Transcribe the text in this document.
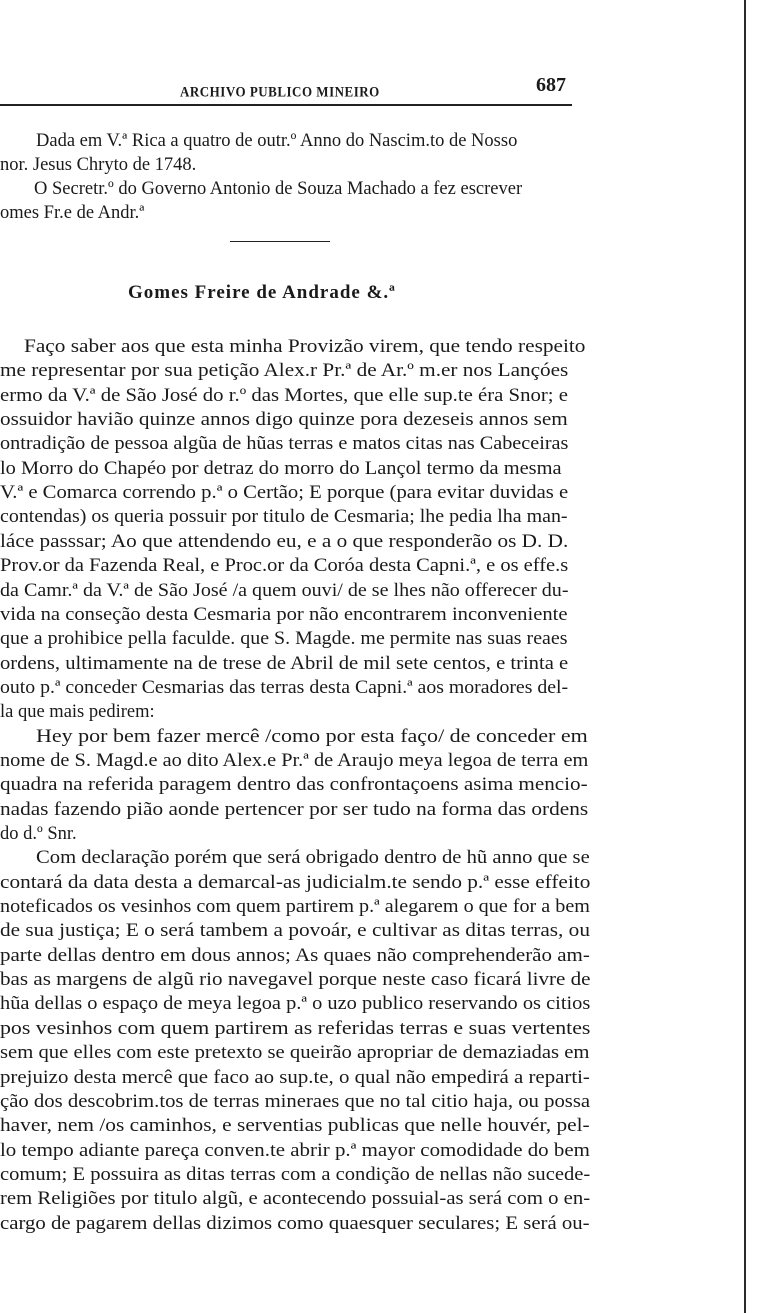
ARCHIVO PUBLICO MINEIRO	687
Dada em V.ª Rica a quatro de outr.º Anno do Nascim.to de Nosso
nor. Jesus Chryto de 1748.
O Secretr.º do Governo Antonio de Souza Machado a fez escrever
omes Fr.e de Andr.ª
Gomes Freire de Andrade &.ª
Faço saber aos que esta minha Provizão virem, que tendo respeito
me representar por sua petição Alex.r Pr.ª de Ar.º m.er nos Lançóes
ermo da V.ª de São José do r.º das Mortes, que elle sup.te éra Snor; e
ossuidor havião quinze annos digo quinze pora dezeseis annos sem
ontradição de pessoa algũa de hũas terras e matos citas nas Cabeceiras
lo Morro do Chapéo por detraz do morro do Lançol termo da mesma
V.ª e Comarca correndo p.ª o Certão; E porque (para evitar duvidas e
contendas) os queria possuir por titulo de Cesmaria; lhe pedia lha man-
láce passsar; Ao que attendendo eu, e a o que responderão os D. D.
Prov.or da Fazenda Real, e Proc.or da Coróa desta Capni.ª, e os effe.s
da Camr.ª da V.ª de São José /a quem ouvi/ de se lhes não offerecer du-
vida na conseção desta Cesmaria por não encontrarem inconveniente
que a prohibice pella faculde. que S. Magde. me permite nas suas reaes
ordens, ultimamente na de trese de Abril de mil sete centos, e trinta e
outo p.ª conceder Cesmarias das terras desta Capni.ª aos moradores del-
la que mais pedirem:
Hey por bem fazer mercê /como por esta faço/ de conceder em
nome de S. Magd.e ao dito Alex.e Pr.ª de Araujo meya legoa de terra em
quadra na referida paragem dentro das confrontaçoens asima mencio-
nadas fazendo pião aonde pertencer por ser tudo na forma das ordens
do d.º Snr.
Com declaração porém que será obrigado dentro de hũ anno que se
contará da data desta a demarcal-as judicialm.te sendo p.ª esse effeito
noteficados os vesinhos com quem partirem p.ª alegarem o que for a bem
de sua justiça; E o será tambem a povoár, e cultivar as ditas terras, ou
parte dellas dentro em dous annos; As quaes não comprehenderão am-
bas as margens de algũ rio navegavel porque neste caso ficará livre de
hũa dellas o espaço de meya legoa p.ª o uzo publico reservando os citios
pos vesinhos com quem partirem as referidas terras e suas vertentes
sem que elles com este pretexto se queirão apropriar de demaziadas em
prejuizo desta mercê que faco ao sup.te, o qual não empedirá a reparti-
ção dos descobrim.tos de terras mineraes que no tal citio haja, ou possa
haver, nem /os caminhos, e serventias publicas que nelle houvér, pel-
lo tempo adiante pareça conven.te abrir p.ª mayor comodidade do bem
comum; E possuira as ditas terras com a condição de nellas não sucede-
rem Religiões por titulo algũ, e acontecendo possuial-as será com o en-
cargo de pagarem dellas dizimos como quaesquer seculares; E será ou-
